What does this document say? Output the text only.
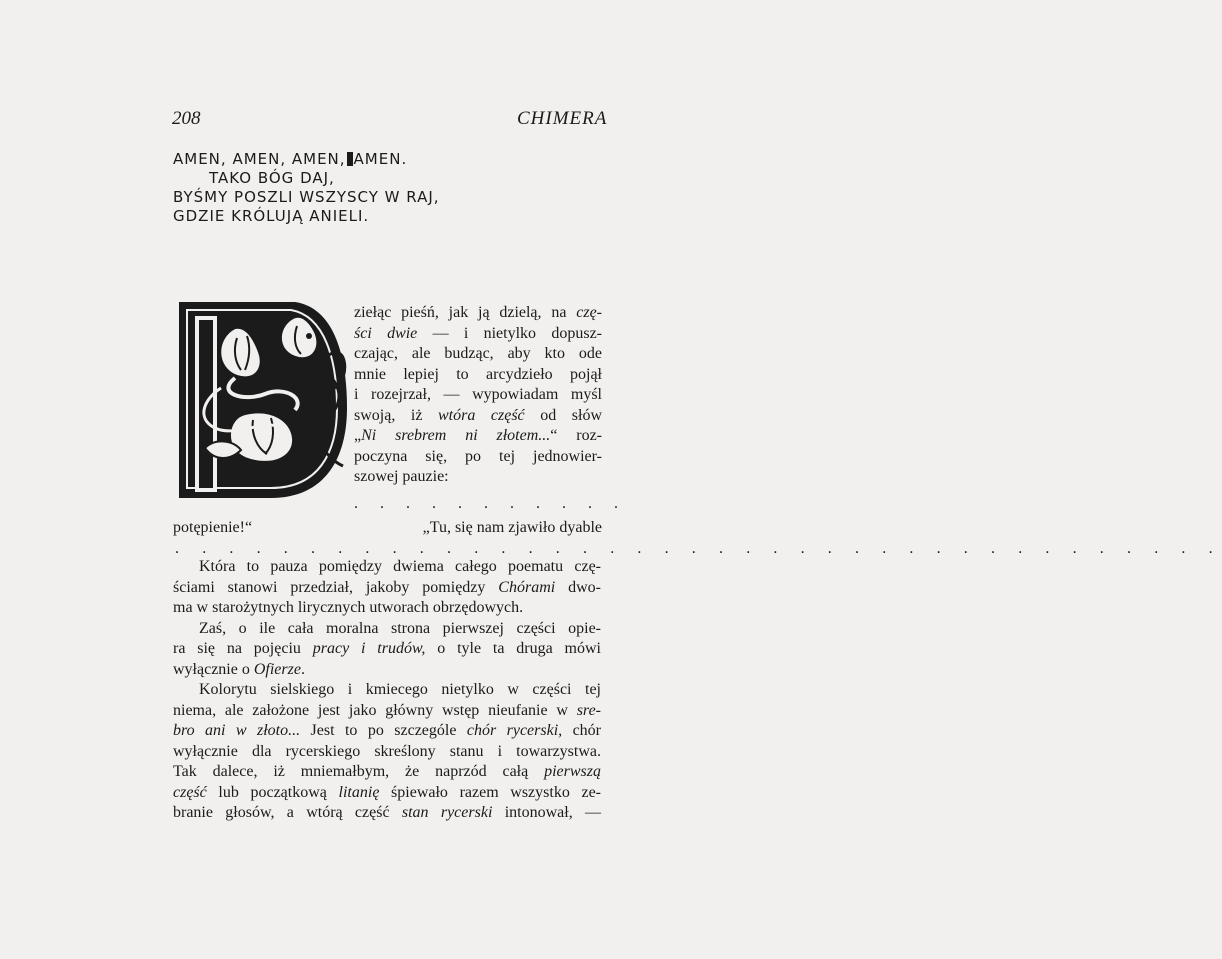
208	CHIMERA
AMEN, AMEN, AMEN, AMEN.
TAKO BÓG DAJ,
BYŚMY POSZLI WSZYSCY W RAJ,
GDZIE KRÓLUJĄ ANIELI.
ziełąc pieśń, jak ją dzielą, na czę-
ści dwie — i nietylko dopusz-
czając, ale budząc, aby kto ode
mnie lepiej to arcydzieło pojął
i rozejrzał, — wypowiadam myśl
swoją, iż wtóra część od słów
„Ni srebrem ni złotem...“ roz-
poczyna się, po tej jednowier-
szowej pauzie:
. . . . . . . . . . .
„Tu, się nam zjawiło dyable
potępienie!“
. . . . . . . . . . . . . . . . . . . . . . . . . . . . . . . . . . . . . . .
Która to pauza pomiędzy dwiema całego poematu czę-
ściami stanowi przedział, jakoby pomiędzy Chórami dwo-
ma w starożytnych lirycznych utworach obrzędowych.
Zaś, o ile cała moralna strona pierwszej części opie-
ra się na pojęciu pracy i trudów, o tyle ta druga mówi
wyłącznie o Ofierze.
Kolorytu sielskiego i kmiecego nietylko w części tej
niema, ale założone jest jako główny wstęp nieufanie w sre-
bro ani w złoto... Jest to po szczególe chór rycerski, chór
wyłącznie dla rycerskiego skreślony stanu i towarzystwa.
Tak dalece, iż mniemałbym, że naprzód całą pierwszą
część lub początkową litanię śpiewało razem wszystko ze-
branie głosów, a wtórą część stan rycerski intonował, —
